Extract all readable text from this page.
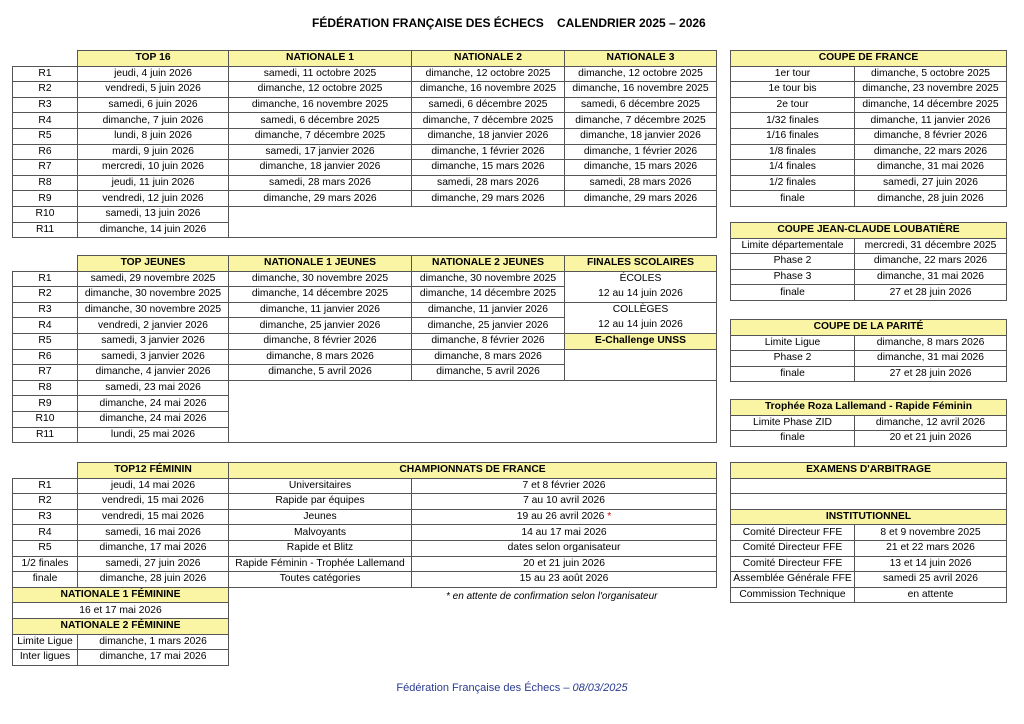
FÉDÉRATION FRANÇAISE DES ÉCHECS CALENDRIER 2025 – 2026
	TOP 16	NATIONALE 1	NATIONALE 2	NATIONALE 3
R1	jeudi, 4 juin 2026	samedi, 11 octobre 2025	dimanche, 12 octobre 2025	dimanche, 12 octobre 2025
R2	vendredi, 5 juin 2026	dimanche, 12 octobre 2025	dimanche, 16 novembre 2025	dimanche, 16 novembre 2025
R3	samedi, 6 juin 2026	dimanche, 16 novembre 2025	samedi, 6 décembre 2025	samedi, 6 décembre 2025
R4	dimanche, 7 juin 2026	samedi, 6 décembre 2025	dimanche, 7 décembre 2025	dimanche, 7 décembre 2025
R5	lundi, 8 juin 2026	dimanche, 7 décembre 2025	dimanche, 18 janvier 2026	dimanche, 18 janvier 2026
R6	mardi, 9 juin 2026	samedi, 17 janvier 2026	dimanche, 1 février 2026	dimanche, 1 février 2026
R7	mercredi, 10 juin 2026	dimanche, 18 janvier 2026	dimanche, 15 mars 2026	dimanche, 15 mars 2026
R8	jeudi, 11 juin 2026	samedi, 28 mars 2026	samedi, 28 mars 2026	samedi, 28 mars 2026
R9	vendredi, 12 juin 2026	dimanche, 29 mars 2026	dimanche, 29 mars 2026	dimanche, 29 mars 2026
R10	samedi, 13 juin 2026			
R11	dimanche, 14 juin 2026			
	TOP JEUNES	NATIONALE 1 JEUNES	NATIONALE 2 JEUNES	FINALES SCOLAIRES
R1	samedi, 29 novembre 2025	dimanche, 30 novembre 2025	dimanche, 30 novembre 2025	ÉCOLES
R2	dimanche, 30 novembre 2025	dimanche, 14 décembre 2025	dimanche, 14 décembre 2025	12 au 14 juin 2026
R3	dimanche, 30 novembre 2025	dimanche, 11 janvier 2026	dimanche, 11 janvier 2026	COLLÈGES
R4	vendredi, 2 janvier 2026	dimanche, 25 janvier 2026	dimanche, 25 janvier 2026	12 au 14 juin 2026
R5	samedi, 3 janvier 2026	dimanche, 8 février 2026	dimanche, 8 février 2026	E-Challenge UNSS
R6	samedi, 3 janvier 2026	dimanche, 8 mars 2026	dimanche, 8 mars 2026	
R7	dimanche, 4 janvier 2026	dimanche, 5 avril 2026	dimanche, 5 avril 2026	
R8	samedi, 23 mai 2026			
R9	dimanche, 24 mai 2026			
R10	dimanche, 24 mai 2026			
R11	lundi, 25 mai 2026			
	TOP12 FÉMININ
R1	jeudi, 14 mai 2026
R2	vendredi, 15 mai 2026
R3	vendredi, 15 mai 2026
R4	samedi, 16 mai 2026
R5	dimanche, 17 mai 2026
1/2 finales	samedi, 27 juin 2026
finale	dimanche, 28 juin 2026
NATIONALE 1 FÉMININE	
16 et 17 mai 2026	
NATIONALE 2 FÉMININE	
Limite Ligue	dimanche, 1 mars 2026
Inter ligues	dimanche, 17 mai 2026
CHAMPIONNATS DE FRANCE	
Universitaires	7 et 8 février 2026
Rapide par équipes	7 au 10 avril 2026
Jeunes	19 au 26 avril 2026 *
Malvoyants	14 au 17 mai 2026
Rapide et Blitz	dates selon organisateur
Rapide Féminin - Trophée Lallemand	20 et 21 juin 2026
Toutes catégories	15 au 23 août 2026
* en attente de confirmation selon l'organisateur
COUPE DE FRANCE	
1er tour	dimanche, 5 octobre 2025
1e tour bis	dimanche, 23 novembre 2025
2e tour	dimanche, 14 décembre 2025
1/32 finales	dimanche, 11 janvier 2026
1/16 finales	dimanche, 8 février 2026
1/8 finales	dimanche, 22 mars 2026
1/4 finales	dimanche, 31 mai 2026
1/2 finales	samedi, 27 juin 2026
finale	dimanche, 28 juin 2026
COUPE JEAN-CLAUDE LOUBATIÈRE	
Limite départementale	mercredi, 31 décembre 2025
Phase 2	dimanche, 22 mars 2026
Phase 3	dimanche, 31 mai 2026
finale	27 et 28 juin 2026
COUPE DE LA PARITÉ	
Limite Ligue	dimanche, 8 mars 2026
Phase 2	dimanche, 31 mai 2026
finale	27 et 28 juin 2026
Trophée Roza Lallemand - Rapide Féminin	
Limite Phase ZID	dimanche, 12 avril 2026
finale	20 et 21 juin 2026
EXAMENS D'ARBITRAGE	

INSTITUTIONNEL	
Comité Directeur FFE	8 et 9 novembre 2025
Comité Directeur FFE	21 et 22 mars 2026
Comité Directeur FFE	13 et 14 juin 2026
Assemblée Générale FFE	samedi 25 avril 2026
Commission Technique	en attente
Fédération Française des Échecs – 08/03/2025
